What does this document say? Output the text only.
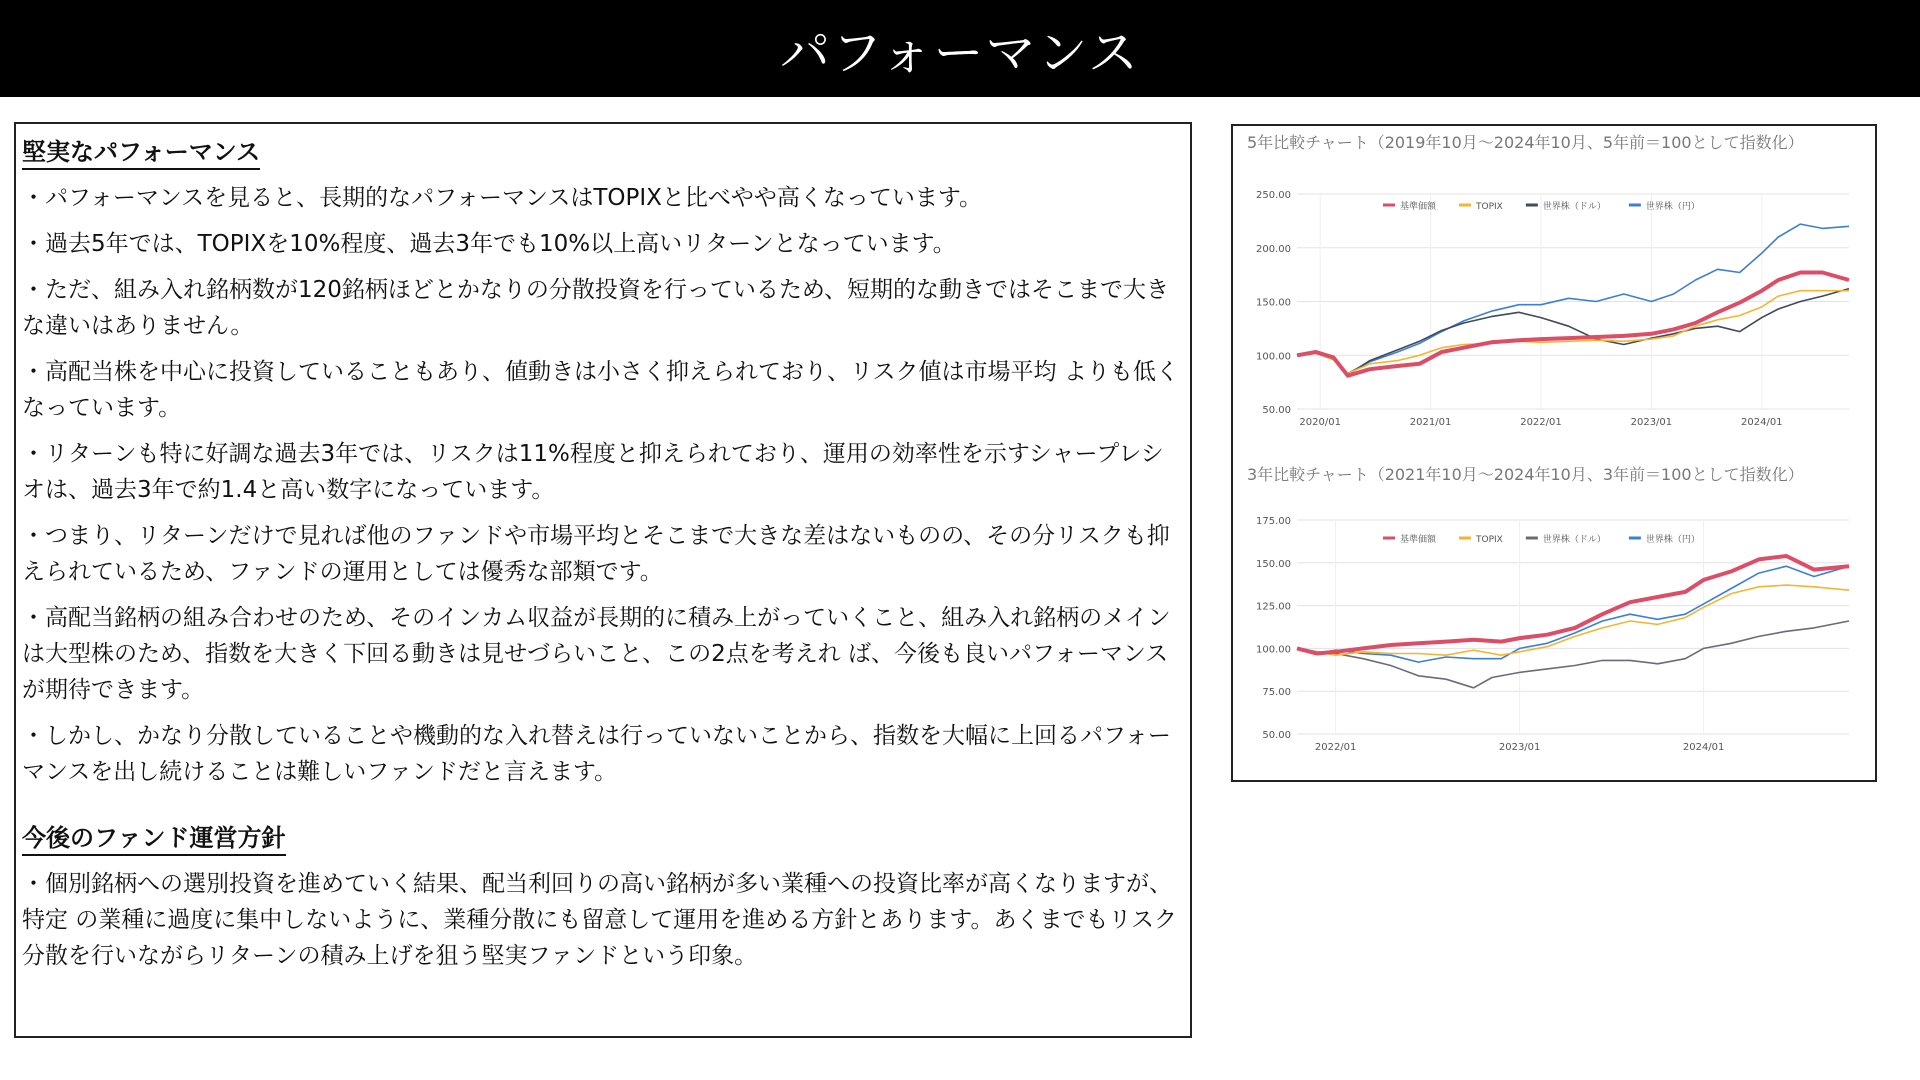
パフォーマンス
堅実なパフォーマンス

・パフォーマンスを見ると、長期的なパフォーマンスはTOPIXと比べやや高くなっています。

・過去5年では、TOPIXを10%程度、過去3年でも10%以上高いリターンとなっています。

・ただ、組み入れ銘柄数が120銘柄ほどとかなりの分散投資を行っているため、短期的な動きではそこまで大きな違いはありません。

・高配当株を中心に投資していることもあり、値動きは小さく抑えられており、リスク値は市場平均 よりも低くなっています。

・リターンも特に好調な過去3年では、リスクは11%程度と抑えられており、運用の効率性を示すシャープレシオは、過去3年で約1.4と高い数字になっています。

・つまり、リターンだけで見れば他のファンドや市場平均とそこまで大きな差はないものの、その分リスクも抑えられているため、ファンドの運用としては優秀な部類です。

・高配当銘柄の組み合わせのため、そのインカム収益が長期的に積み上がっていくこと、組み入れ銘柄のメインは大型株のため、指数を大きく下回る動きは見せづらいこと、この2点を考えれ ば、今後も良いパフォーマンスが期待できます。

・しかし、かなり分散していることや機動的な入れ替えは行っていないことから、指数を大幅に上回るパフォーマンスを出し続けることは難しいファンドだと言えます。

今後のファンド運営方針

・個別銘柄への選別投資を進めていく結果、配当利回りの高い銘柄が多い業種への投資比率が高くなりますが、特定 の業種に過度に集中しないように、業種分散にも留意して運用を進める方針とあります。あくまでもリスク分散を行いながらリターンの積み上げを狙う堅実ファンドという印象。

5年比較チャート（2019年10月～2024年10月、5年前＝100として指数化）
50.00
100.00
150.00
200.00
250.00
2020/01	2021/01	2022/01	2023/01	2024/01
基準価額	TOPIX	世界株（ドル）	世界株（円）
3年比較チャート（2021年10月～2024年10月、3年前＝100として指数化）
50.00
75.00
100.00
125.00
150.00
175.00
2022/01	2023/01	2024/01
基準価額	TOPIX	世界株（ドル）	世界株（円）
